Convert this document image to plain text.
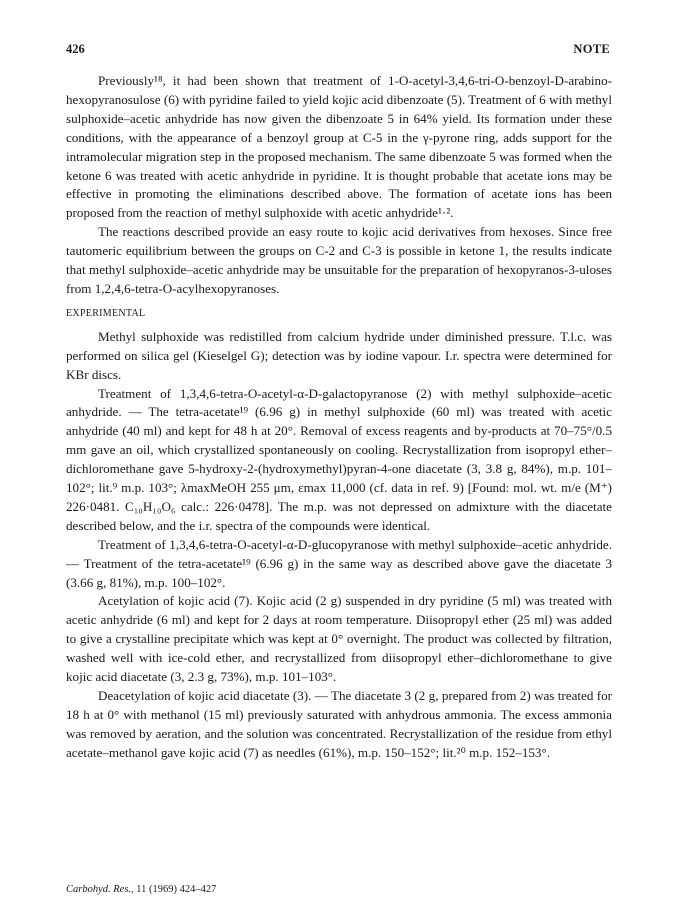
426	NOTE

Previously¹⁸, it had been shown that treatment of 1-O-acetyl-3,4,6-tri-O-benzoyl-D-arabino-hexopyranosulose (6) with pyridine failed to yield kojic acid dibenzoate (5). Treatment of 6 with methyl sulphoxide–acetic anhydride has now given the dibenzoate 5 in 64% yield. Its formation under these conditions, with the appearance of a benzoyl group at C-5 in the γ-pyrone ring, adds support for the intramolecular migration step in the proposed mechanism. The same dibenzoate 5 was formed when the ketone 6 was treated with acetic anhydride in pyridine. It is thought probable that acetate ions may be effective in promoting the eliminations described above. The formation of acetate ions has been proposed from the reaction of methyl sulphoxide with acetic anhydride¹·².

The reactions described provide an easy route to kojic acid derivatives from hexoses. Since free tautomeric equilibrium between the groups on C-2 and C-3 is possible in ketone 1, the results indicate that methyl sulphoxide–acetic anhydride may be unsuitable for the preparation of hexopyranos-3-uloses from 1,2,4,6-tetra-O-acylhexopyranoses.

EXPERIMENTAL

Methyl sulphoxide was redistilled from calcium hydride under diminished pressure. T.l.c. was performed on silica gel (Kieselgel G); detection was by iodine vapour. I.r. spectra were determined for KBr discs.

Treatment of 1,3,4,6-tetra-O-acetyl-α-D-galactopyranose (2) with methyl sulphoxide–acetic anhydride. — The tetra-acetate¹⁹ (6.96 g) in methyl sulphoxide (60 ml) was treated with acetic anhydride (40 ml) and kept for 48 h at 20°. Removal of excess reagents and by-products at 70–75°/0.5 mm gave an oil, which crystallized spontaneously on cooling. Recrystallization from isopropyl ether–dichloromethane gave 5-hydroxy-2-(hydroxymethyl)pyran-4-one diacetate (3, 3.8 g, 84%), m.p. 101–102°; lit.⁹ m.p. 103°; λmaxMeOH 255 μm, εmax 11,000 (cf. data in ref. 9) [Found: mol. wt. m/e (M⁺) 226·0481. C₁₀H₁₀O₆ calc.: 226·0478]. The m.p. was not depressed on admixture with the diacetate described below, and the i.r. spectra of the compounds were identical.

Treatment of 1,3,4,6-tetra-O-acetyl-α-D-glucopyranose with methyl sulphoxide–acetic anhydride. — Treatment of the tetra-acetate¹⁹ (6.96 g) in the same way as described above gave the diacetate 3 (3.66 g, 81%), m.p. 100–102°.

Acetylation of kojic acid (7). Kojic acid (2 g) suspended in dry pyridine (5 ml) was treated with acetic anhydride (6 ml) and kept for 2 days at room temperature. Diisopropyl ether (25 ml) was added to give a crystalline precipitate which was kept at 0° overnight. The product was collected by filtration, washed well with ice-cold ether, and recrystallized from diisopropyl ether–dichloromethane to give kojic acid diacetate (3, 2.3 g, 73%), m.p. 101–103°.

Deacetylation of kojic acid diacetate (3). — The diacetate 3 (2 g, prepared from 2) was treated for 18 h at 0° with methanol (15 ml) previously saturated with anhydrous ammonia. The excess ammonia was removed by aeration, and the solution was concentrated. Recrystallization of the residue from ethyl acetate–methanol gave kojic acid (7) as needles (61%), m.p. 150–152°; lit.²⁰ m.p. 152–153°.

Carbohyd. Res., 11 (1969) 424–427
